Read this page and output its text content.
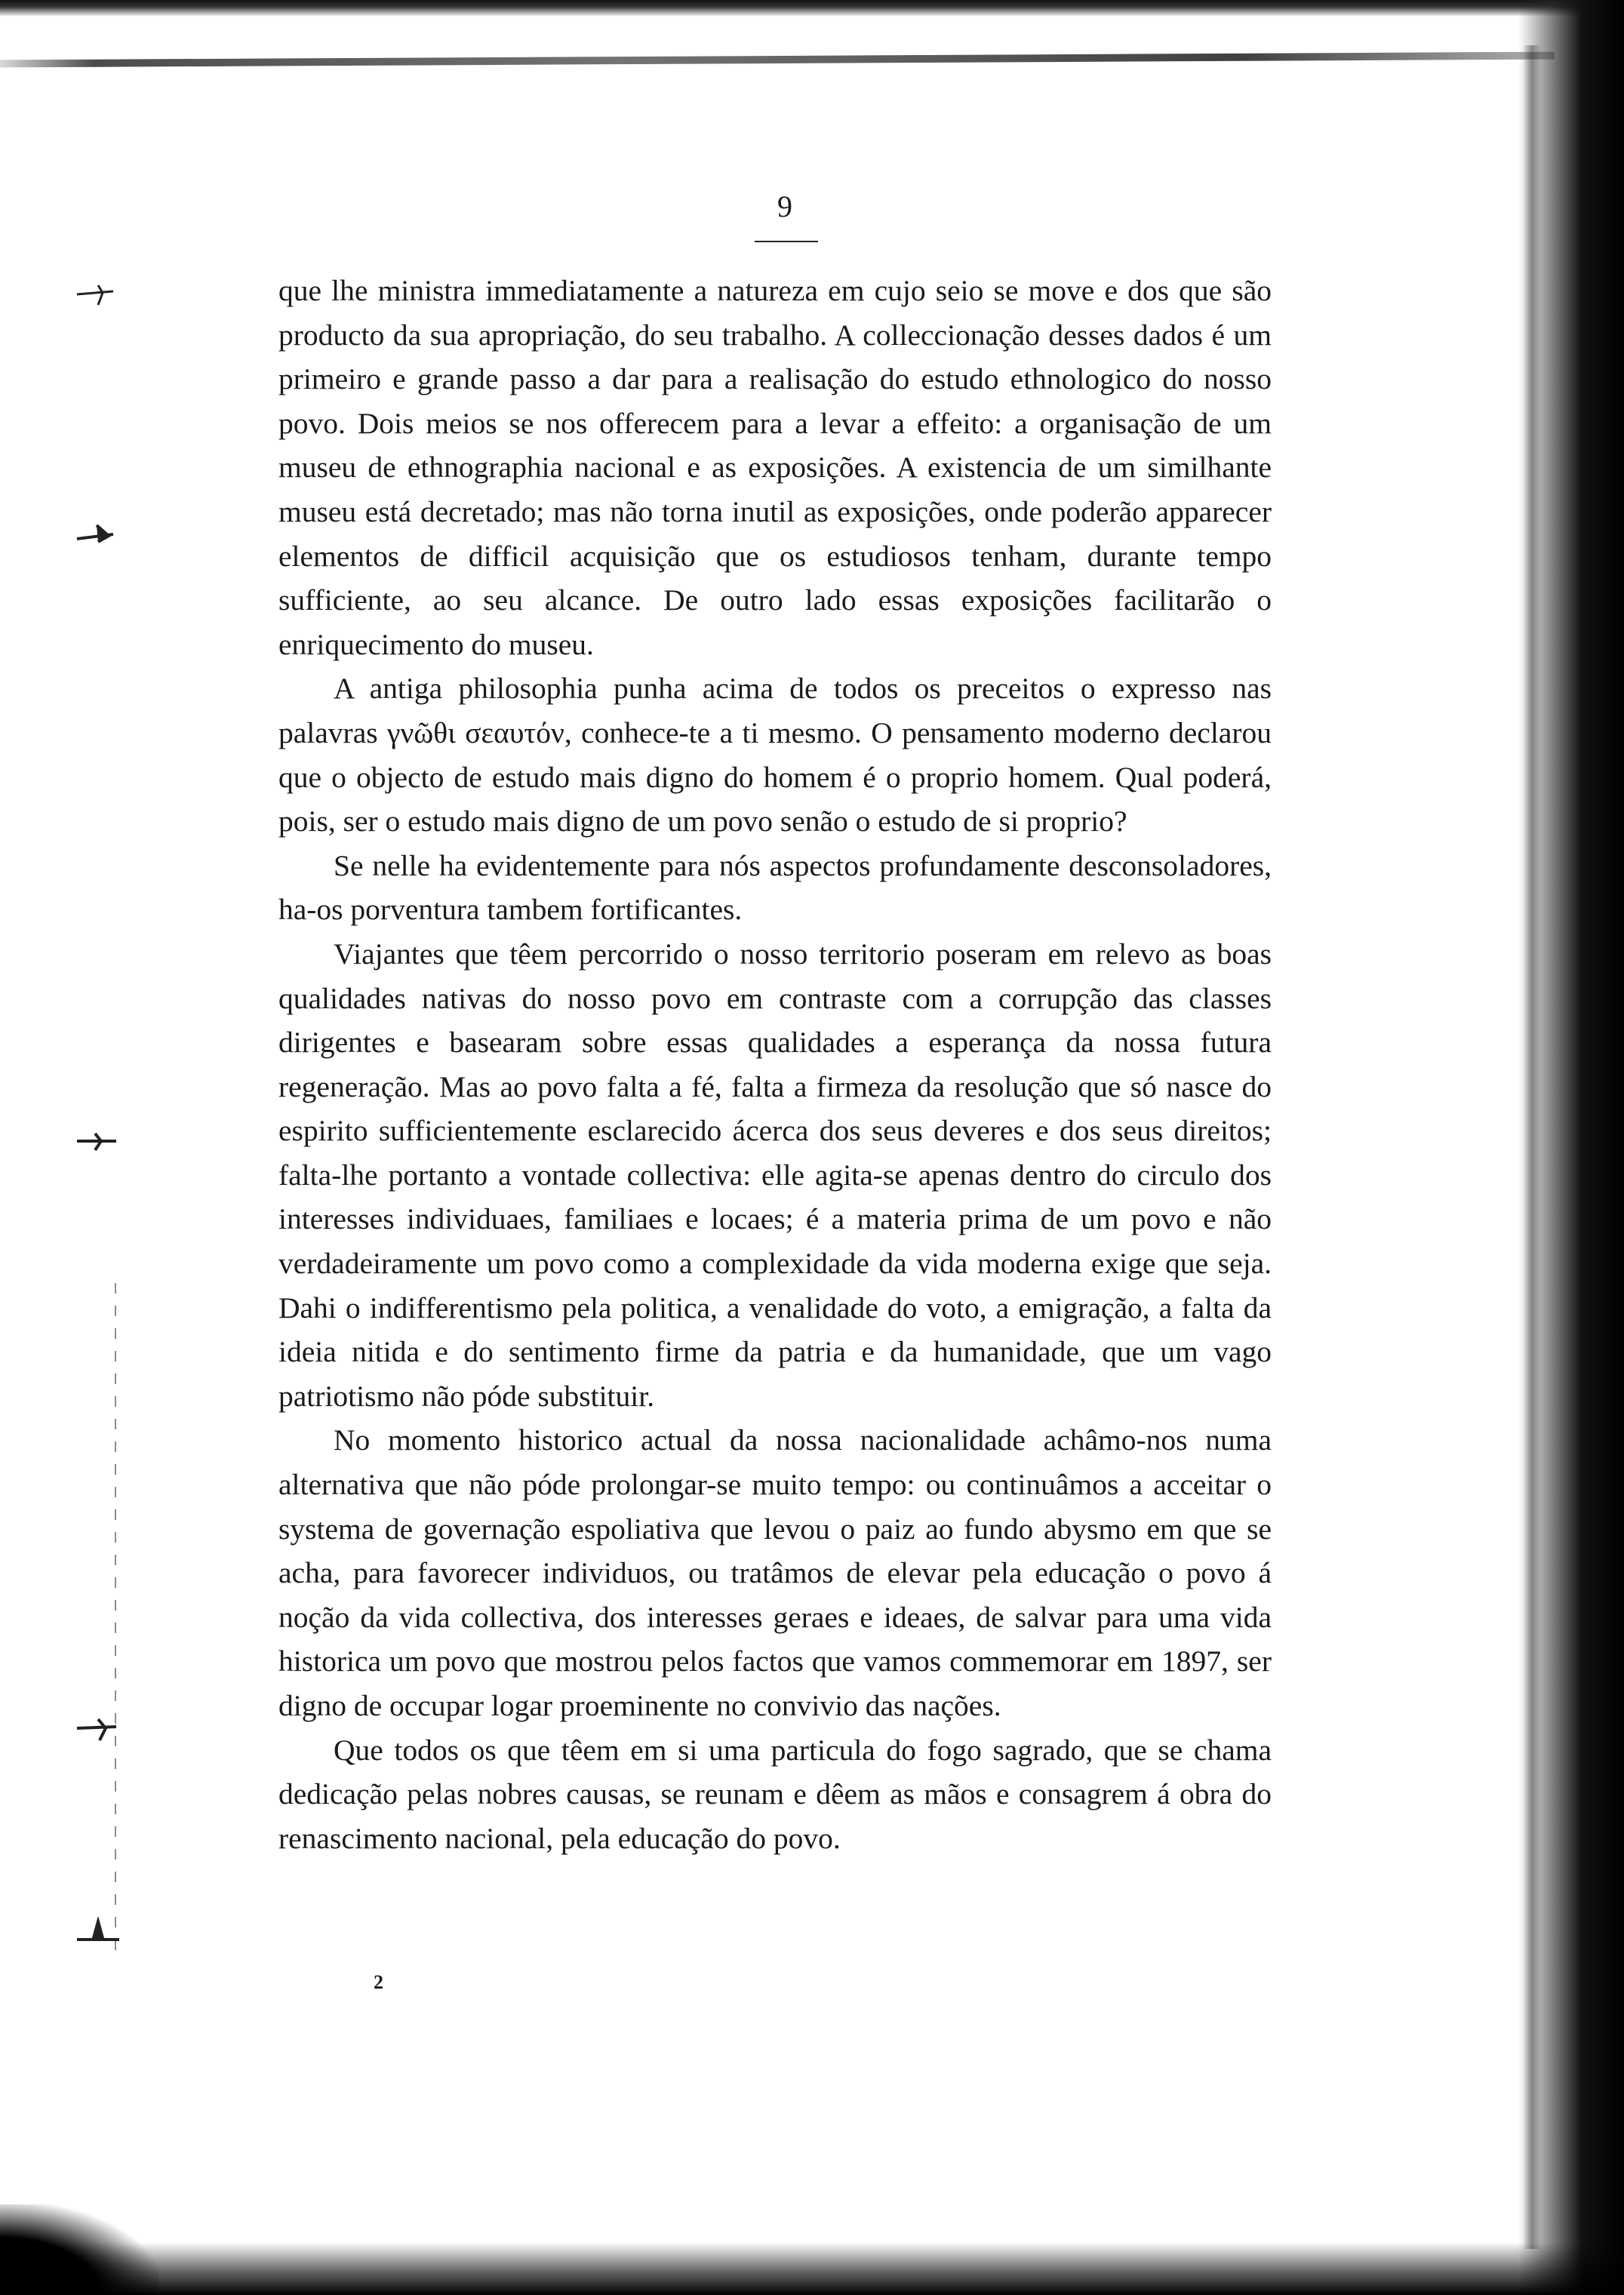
9

que lhe ministra immediatamente a natureza em cujo seio se move e dos que são producto da sua apropriação, do seu trabalho. A colleccionação desses dados é um primeiro e grande passo a dar para a realisação do estudo ethnologico do nosso povo. Dois meios se nos offerecem para a levar a effeito: a organisação de um museu de ethnographia nacional e as exposições. A existencia de um similhante museu está decretado; mas não torna inutil as exposições, onde poderão apparecer elementos de difficil acquisição que os estudiosos tenham, durante tempo sufficiente, ao seu alcance. De outro lado essas exposições facilitarão o enriquecimento do museu.

A antiga philosophia punha acima de todos os preceitos o expresso nas palavras γνῶθι σεαυτόν, conhece-te a ti mesmo. O pensamento moderno declarou que o objecto de estudo mais digno do homem é o proprio homem. Qual poderá, pois, ser o estudo mais digno de um povo senão o estudo de si proprio?

Se nelle ha evidentemente para nós aspectos profundamente desconsoladores, ha-os porventura tambem fortificantes.

Viajantes que têem percorrido o nosso territorio poseram em relevo as boas qualidades nativas do nosso povo em contraste com a corrupção das classes dirigentes e basearam sobre essas qualidades a esperança da nossa futura regeneração. Mas ao povo falta a fé, falta a firmeza da resolução que só nasce do espirito sufficientemente esclarecido ácerca dos seus deveres e dos seus direitos; falta-lhe portanto a vontade collectiva: elle agita-se apenas dentro do circulo dos interesses individuaes, familiaes e locaes; é a materia prima de um povo e não verdadeiramente um povo como a complexidade da vida moderna exige que seja. Dahi o indifferentismo pela politica, a venalidade do voto, a emigração, a falta da ideia nitida e do sentimento firme da patria e da humanidade, que um vago patriotismo não póde substituir.

No momento historico actual da nossa nacionalidade achâmo-nos numa alternativa que não póde prolongar-se muito tempo: ou continuâmos a acceitar o systema de governação espoliativa que levou o paiz ao fundo abysmo em que se acha, para favorecer individuos, ou tratâmos de elevar pela educação o povo á noção da vida collectiva, dos interesses geraes e ideaes, de salvar para uma vida historica um povo que mostrou pelos factos que vamos commemorar em 1897, ser digno de occupar logar proeminente no convivio das nações.

Que todos os que têem em si uma particula do fogo sagrado, que se chama dedicação pelas nobres causas, se reunam e dêem as mãos e consagrem á obra do renascimento nacional, pela educação do povo.

2
